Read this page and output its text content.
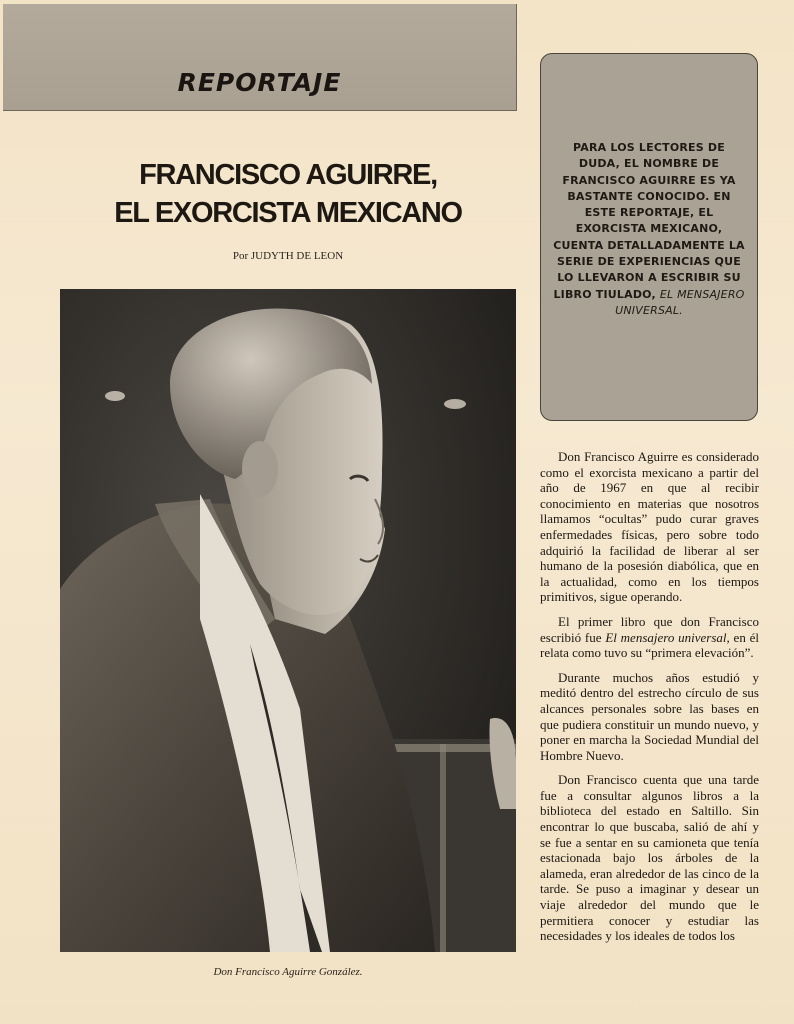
REPORTAJE
FRANCISCO AGUIRRE,
EL EXORCISTA MEXICANO
Por JUDYTH DE LEON
Don Francisco Aguirre González.
PARA LOS LECTORES DE DUDA, EL NOMBRE DE FRANCISCO AGUIRRE ES YA BASTANTE CONOCIDO. EN ESTE REPORTAJE, EL EXORCISTA MEXICANO, CUENTA DETALLADAMENTE LA SERIE DE EXPERIENCIAS QUE LO LLEVARON A ESCRIBIR SU LIBRO TIULADO, EL MENSAJERO UNIVERSAL.

Don Francisco Aguirre es considerado como el exorcista mexicano a partir del año de 1967 en que al recibir conocimiento en materias que nosotros llamamos “ocultas” pudo curar graves enfermedades físicas, pero sobre todo adquirió la facilidad de liberar al ser humano de la posesión diabólica, que en la actualidad, como en los tiempos primitivos, sigue operando.

El primer libro que don Francisco escribió fue El mensajero universal, en él relata como tuvo su “primera elevación”.

Durante muchos años estudió y meditó dentro del estrecho círculo de sus alcances personales sobre las bases en que pudiera constituir un mundo nuevo, y poner en marcha la Sociedad Mundial del Hombre Nuevo.

Don Francisco cuenta que una tarde fue a consultar algunos libros a la biblioteca del estado en Saltillo. Sin encontrar lo que buscaba, salió de ahí y se fue a sentar en su camioneta que tenía estacionada bajo los árboles de la alameda, eran alrededor de las cinco de la tarde. Se puso a imaginar y desear un viaje alrededor del mundo que le permitiera conocer y estudiar las necesidades y los ideales de todos los
